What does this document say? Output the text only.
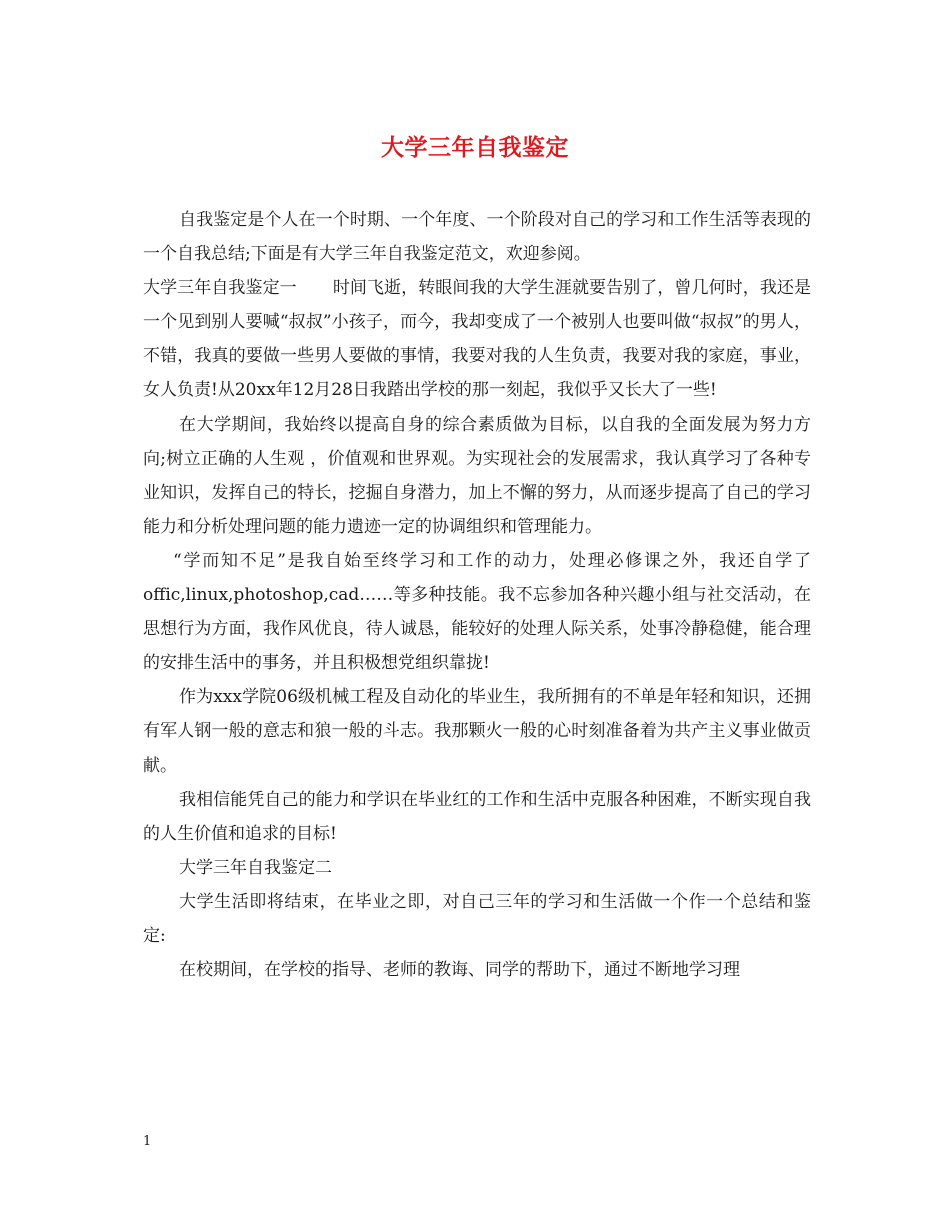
大学三年自我鉴定

自我鉴定是个人在一个时期、一个年度、一个阶段对自己的学习和工作生活等表现的一个自我总结;下面是有大学三年自我鉴定范文，欢迎参阅。

大学三年自我鉴定一 时间飞逝，转眼间我的大学生涯就要告别了，曾几何时，我还是一个见到别人要喊“叔叔”小孩子，而今，我却变成了一个被别人也要叫做“叔叔”的男人，不错，我真的要做一些男人要做的事情，我要对我的人生负责，我要对我的家庭，事业，女人负责!从20xx年12月28日我踏出学校的那一刻起，我似乎又长大了一些!

在大学期间，我始终以提高自身的综合素质做为目标，以自我的全面发展为努力方向;树立正确的人生观 ，价值观和世界观。为实现社会的发展需求，我认真学习了各种专业知识，发挥自己的特长，挖掘自身潜力，加上不懈的努力，从而逐步提高了自己的学习能力和分析处理问题的能力遗迹一定的协调组织和管理能力。

“学而知不足”是我自始至终学习和工作的动力，处理必修课之外，我还自学了offic,linux,photoshop,cad……等多种技能。我不忘参加各种兴趣小组与社交活动，在思想行为方面，我作风优良，待人诚恳，能较好的处理人际关系，处事冷静稳健，能合理的安排生活中的事务，并且积极想党组织靠拢!

作为xxx学院06级机械工程及自动化的毕业生，我所拥有的不单是年轻和知识，还拥有军人钢一般的意志和狼一般的斗志。我那颗火一般的心时刻准备着为共产主义事业做贡献。

我相信能凭自己的能力和学识在毕业红的工作和生活中克服各种困难，不断实现自我的人生价值和追求的目标!

大学三年自我鉴定二

大学生活即将结束，在毕业之即，对自己三年的学习和生活做一个作一个总结和鉴定:

在校期间，在学校的指导、老师的教诲、同学的帮助下，通过不断地学习理

1
